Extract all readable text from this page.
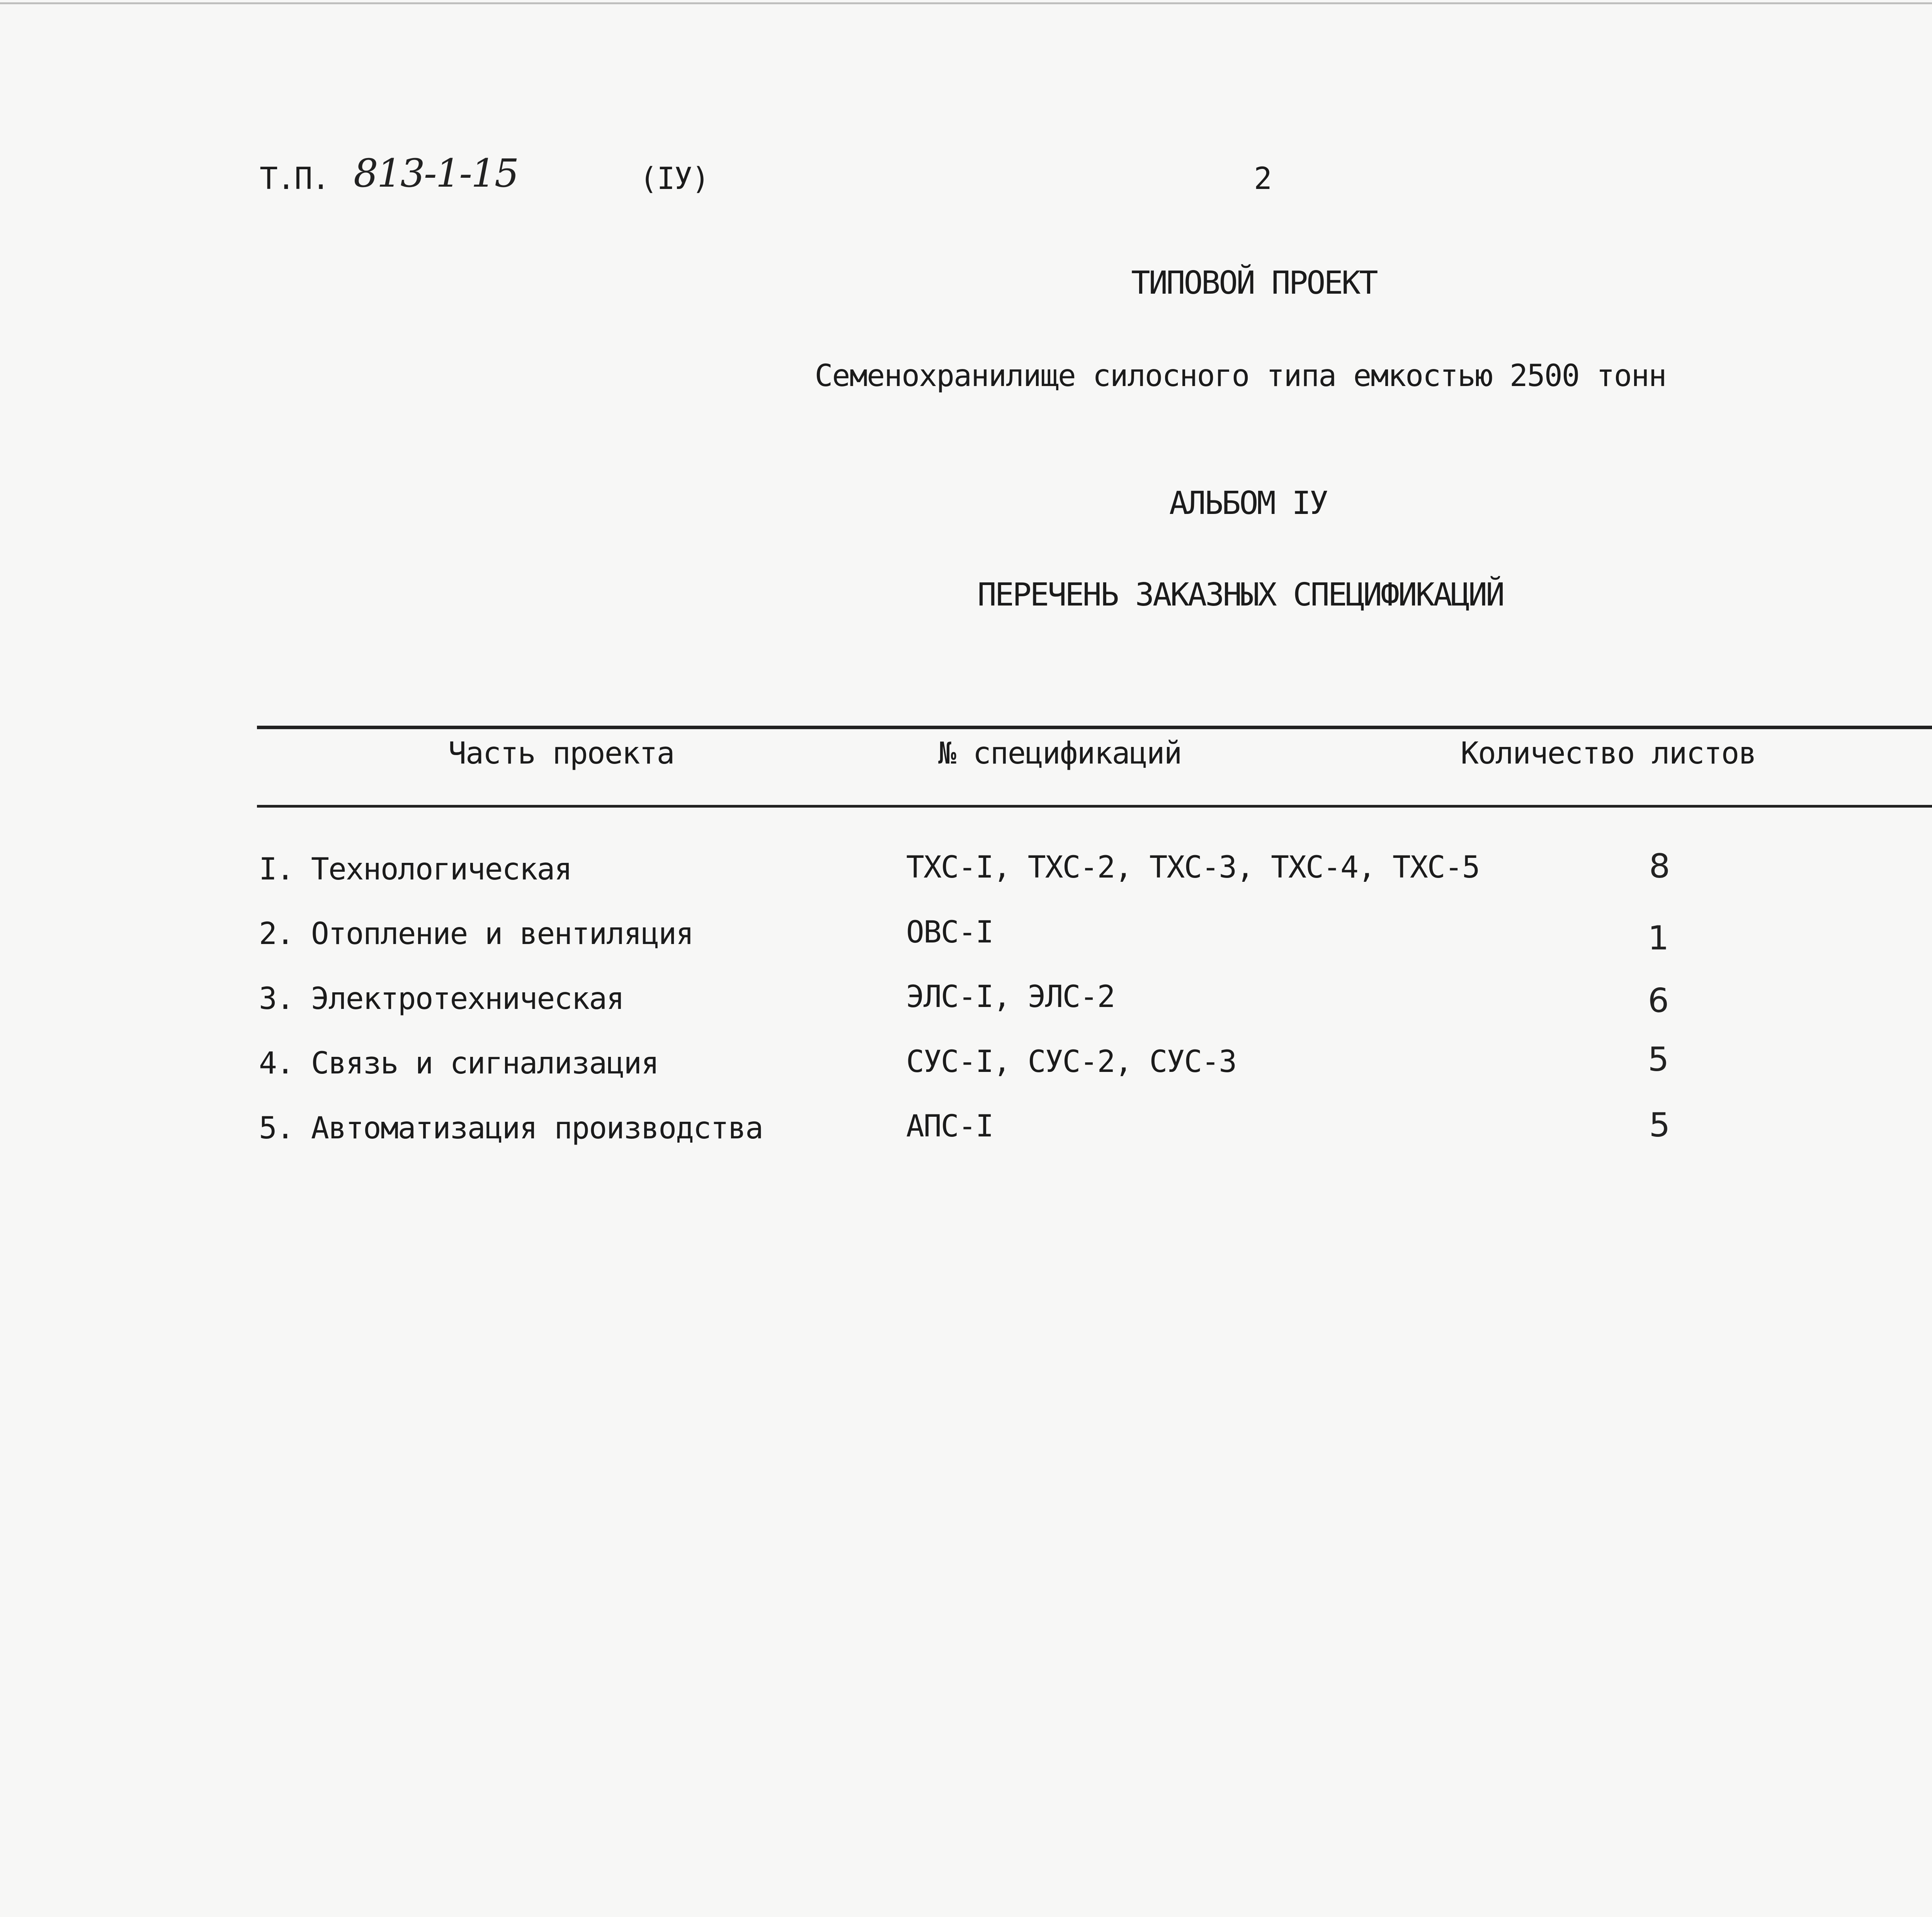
Т.П. 813-1-15	(IУ)	2
ТИПОВОЙ ПРОЕКТ
Семенохранилище силосного типа емкостью 2500 тонн
АЛЬБОМ IУ
ПЕРЕЧЕНЬ ЗАКАЗНЫХ СПЕЦИФИКАЦИЙ
Часть проекта	№ спецификаций	Количество листов
I. Технологическая	ТХС-I, ТХС-2, ТХС-3, ТХС-4, ТХС-5	8
2. Отопление и вентиляция	ОВС-I	1
3. Электротехническая	ЭЛС-I, ЭЛС-2	6
4. Связь и сигнализация	СУС-I, СУС-2, СУС-3	5
5. Автоматизация производства	АПС-I	5
